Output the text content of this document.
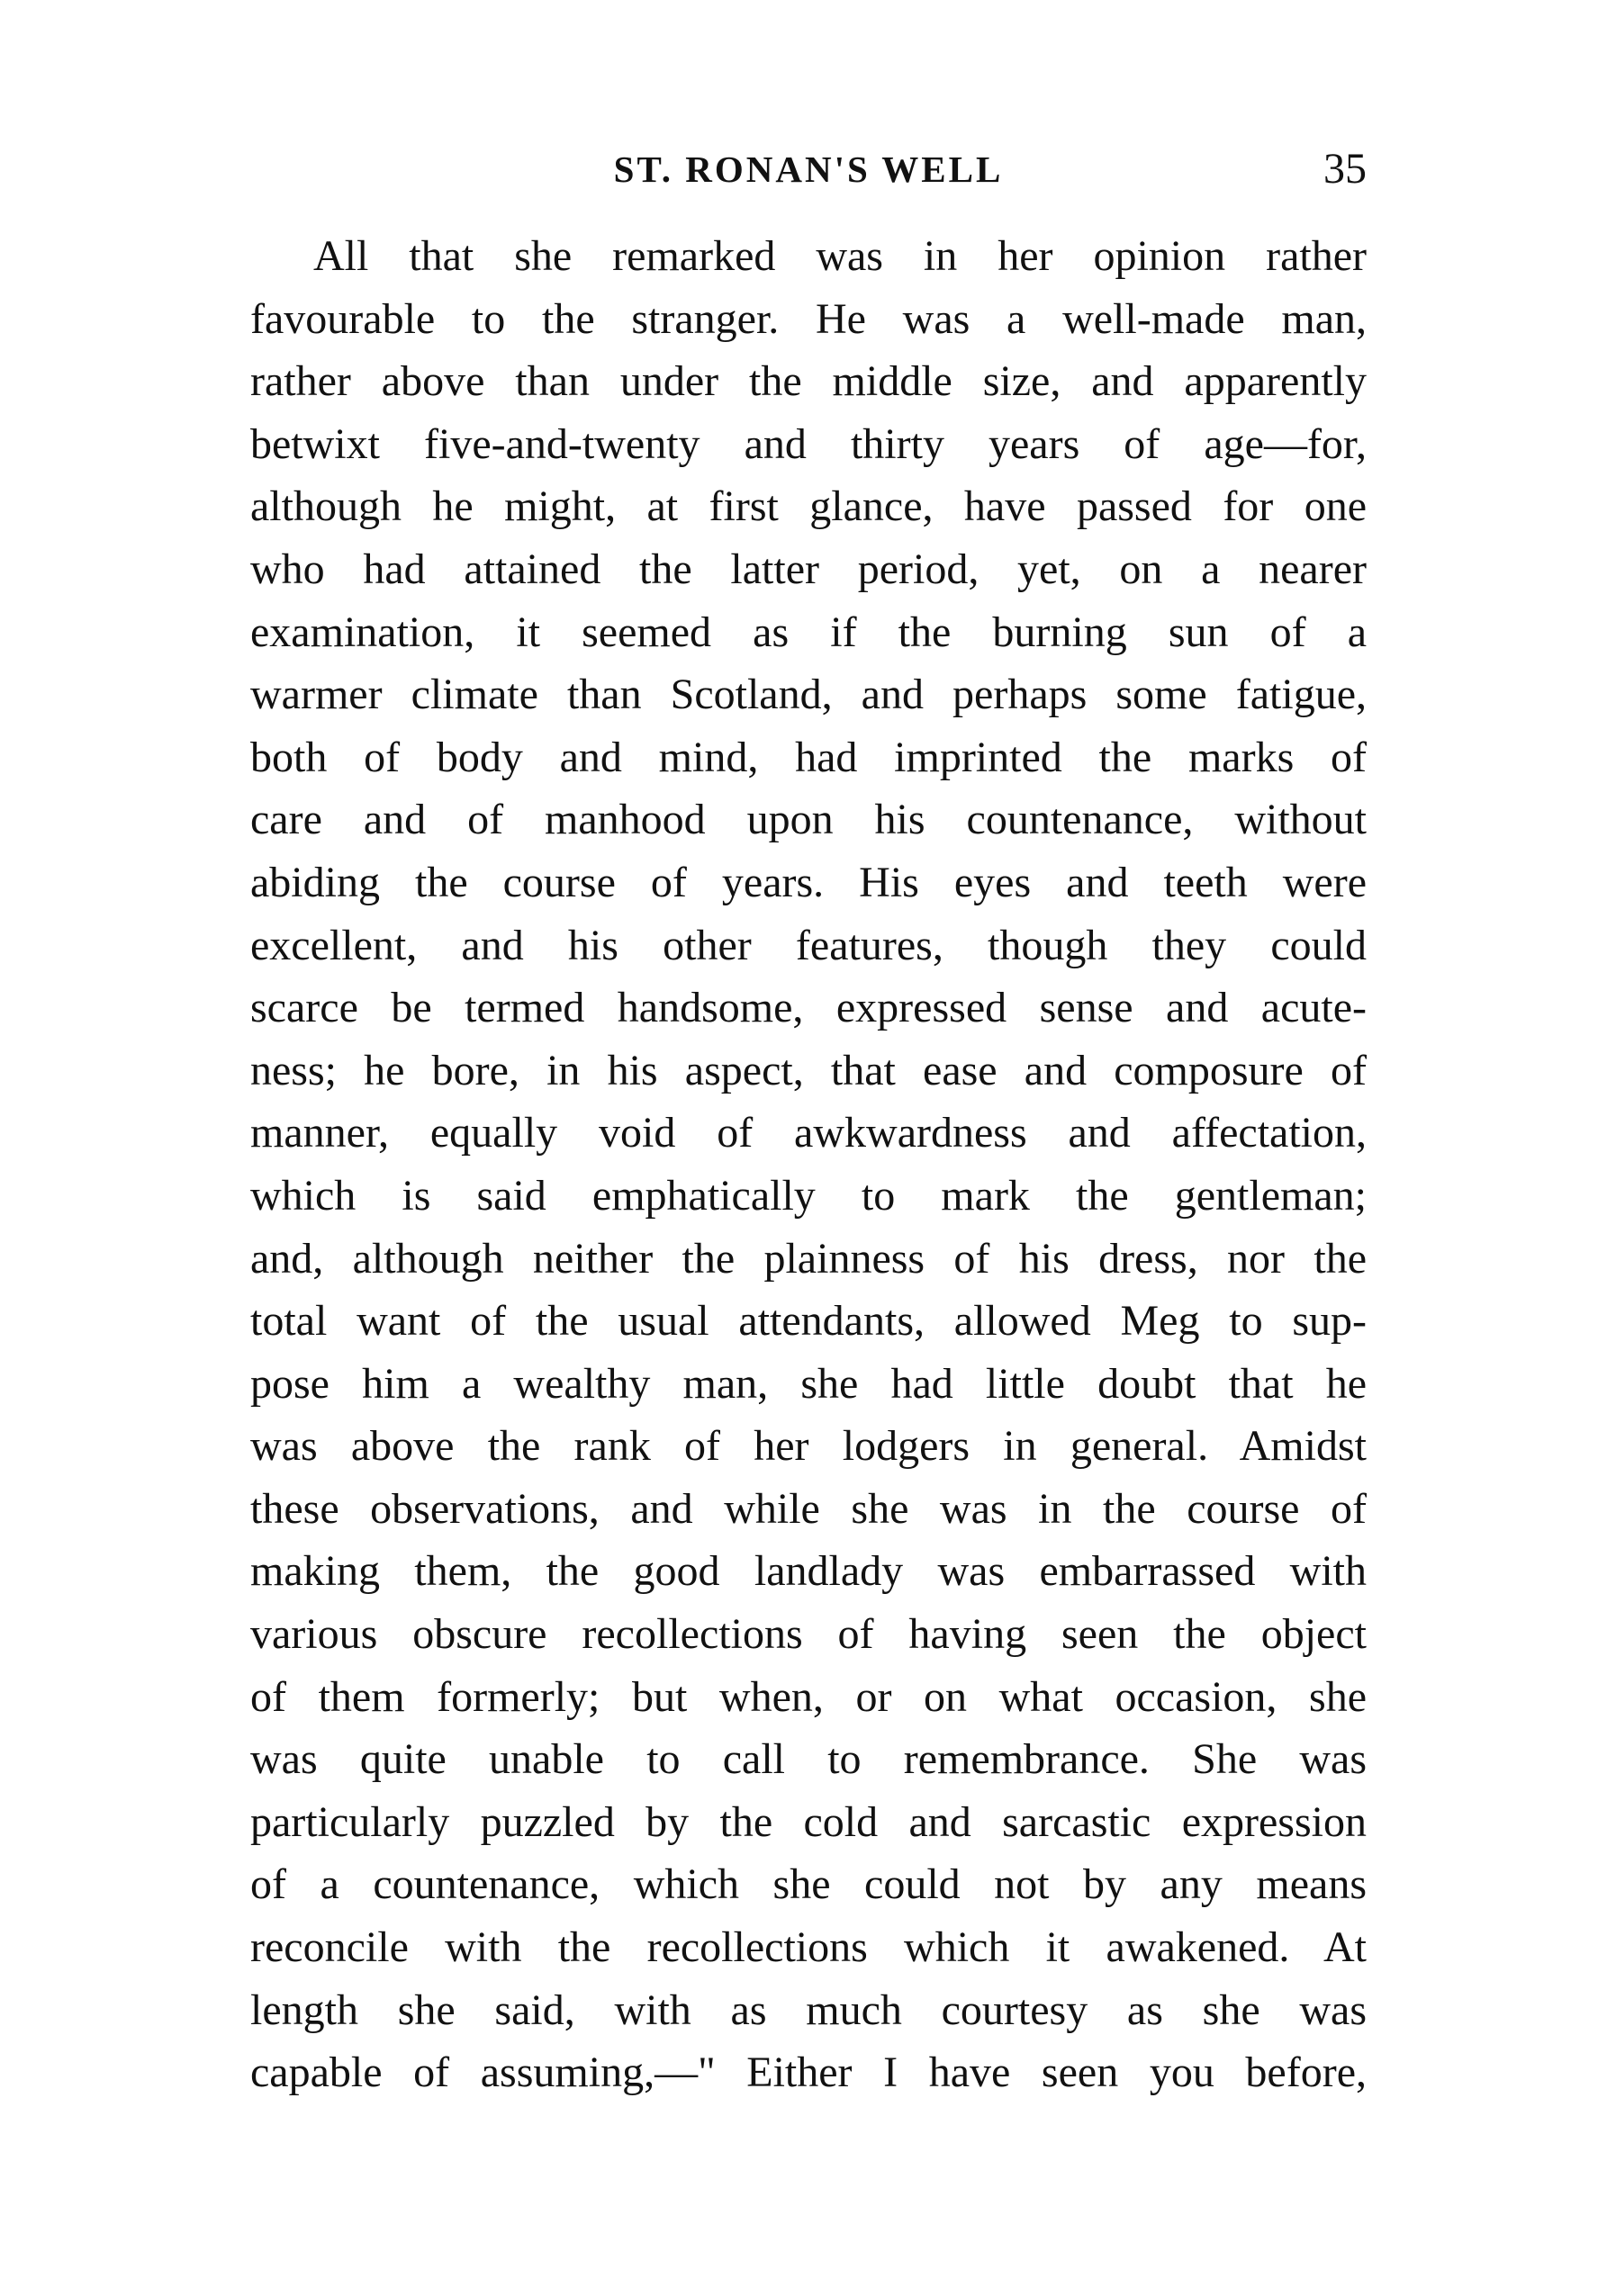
ST. RONAN'S WELL	35
All that she remarked was in her opinion rather
favourable to the stranger. He was a well-made man,
rather above than under the middle size, and apparently
betwixt five-and-twenty and thirty years of age—for,
although he might, at first glance, have passed for one
who had attained the latter period, yet, on a nearer
examination, it seemed as if the burning sun of a
warmer climate than Scotland, and perhaps some fatigue,
both of body and mind, had imprinted the marks of
care and of manhood upon his countenance, without
abiding the course of years. His eyes and teeth were
excellent, and his other features, though they could
scarce be termed handsome, expressed sense and acute-
ness; he bore, in his aspect, that ease and composure of
manner, equally void of awkwardness and affectation,
which is said emphatically to mark the gentleman;
and, although neither the plainness of his dress, nor the
total want of the usual attendants, allowed Meg to sup-
pose him a wealthy man, she had little doubt that he
was above the rank of her lodgers in general. Amidst
these observations, and while she was in the course of
making them, the good landlady was embarrassed with
various obscure recollections of having seen the object
of them formerly; but when, or on what occasion, she
was quite unable to call to remembrance. She was
particularly puzzled by the cold and sarcastic expression
of a countenance, which she could not by any means
reconcile with the recollections which it awakened. At
length she said, with as much courtesy as she was
capable of assuming,—" Either I have seen you before,
